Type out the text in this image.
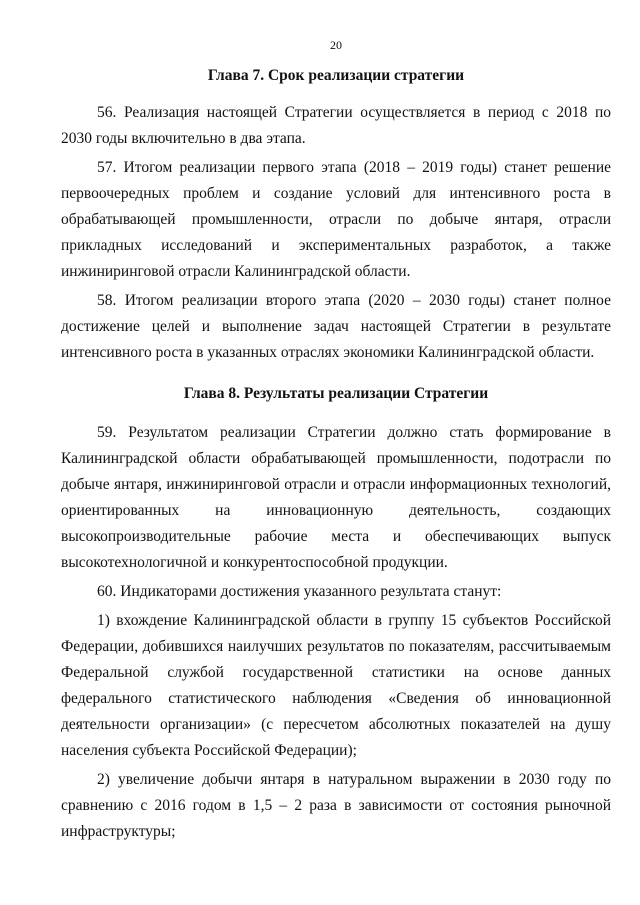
20
Глава 7. Срок реализации стратегии

56. Реализация настоящей Стратегии осуществляется в период с 2018 по 2030 годы включительно в два этапа.

57. Итогом реализации первого этапа (2018 – 2019 годы) станет решение первоочередных проблем и создание условий для интенсивного роста в обрабатывающей промышленности, отрасли по добыче янтаря, отрасли прикладных исследований и экспериментальных разработок, а также инжиниринговой отрасли Калининградской области.

58. Итогом реализации второго этапа (2020 – 2030 годы) станет полное достижение целей и выполнение задач настоящей Стратегии в результате интенсивного роста в указанных отраслях экономики Калининградской области.

Глава 8. Результаты реализации Стратегии

59. Результатом реализации Стратегии должно стать формирование в Калининградской области обрабатывающей промышленности, подотрасли по добыче янтаря, инжиниринговой отрасли и отрасли информационных технологий, ориентированных на инновационную деятельность, создающих высокопроизводительные рабочие места и обеспечивающих выпуск высокотехнологичной и конкурентоспособной продукции.

60. Индикаторами достижения указанного результата станут:

1) вхождение Калининградской области в группу 15 субъектов Российской Федерации, добившихся наилучших результатов по показателям, рассчитываемым Федеральной службой государственной статистики на основе данных федерального статистического наблюдения «Сведения об инновационной деятельности организации» (с пересчетом абсолютных показателей на душу населения субъекта Российской Федерации);

2) увеличение добычи янтаря в натуральном выражении в 2030 году по сравнению с 2016 годом в 1,5 – 2 раза в зависимости от состояния рыночной инфраструктуры;
